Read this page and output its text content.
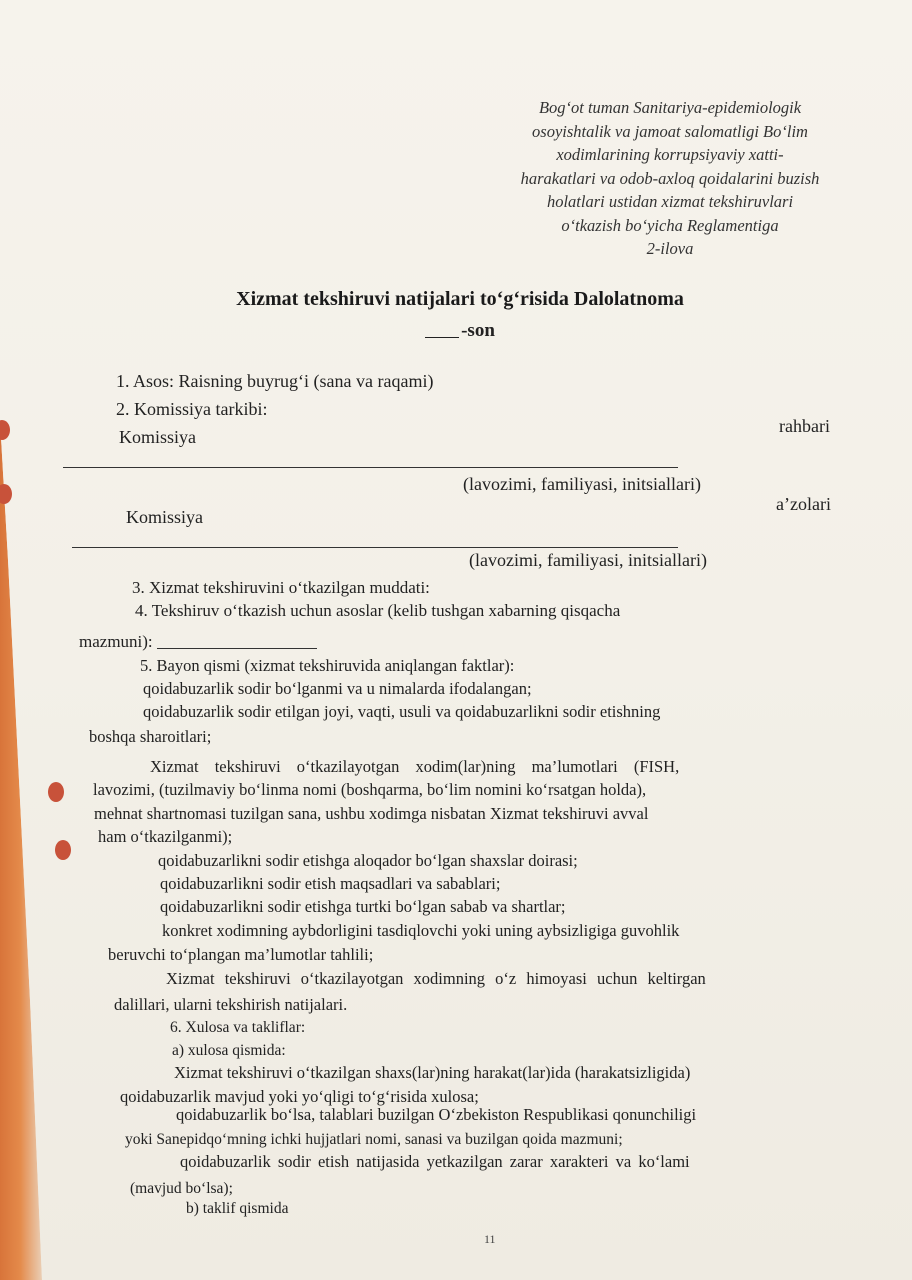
Bog‘ot tuman Sanitariya-epidemiologik
osoyishtalik va jamoat salomatligi Bo‘lim
xodimlarining korrupsiyaviy xatti-
harakatlari va odob-axloq qoidalarini buzish
holatlari ustidan xizmat tekshiruvlari
o‘tkazish bo‘yicha Reglamentiga
2-ilova
Xizmat tekshiruvi natijalari to‘g‘risida Dalolatnoma
-son
1. Asos: Raisning buyrug‘i (sana va raqami)
2. Komissiya tarkibi:
Komissiya
rahbari
(lavozimi, familiyasi, initsiallari)
Komissiya
a’zolari
(lavozimi, familiyasi, initsiallari)
3. Xizmat tekshiruvini o‘tkazilgan muddati:
4. Tekshiruv o‘tkazish uchun asoslar (kelib tushgan xabarning qisqacha
mazmuni):
5. Bayon qismi (xizmat tekshiruvida aniqlangan faktlar):
qoidabuzarlik sodir bo‘lganmi va u nimalarda ifodalangan;
qoidabuzarlik sodir etilgan joyi, vaqti, usuli va qoidabuzarlikni sodir etishning
boshqa sharoitlari;
Xizmat tekshiruvi o‘tkazilayotgan xodim(lar)ning ma’lumotlari (FISH,
lavozimi, (tuzilmaviy bo‘linma nomi (boshqarma, bo‘lim nomini ko‘rsatgan holda),
mehnat shartnomasi tuzilgan sana, ushbu xodimga nisbatan Xizmat tekshiruvi avval
ham o‘tkazilganmi);
qoidabuzarlikni sodir etishga aloqador bo‘lgan shaxslar doirasi;
qoidabuzarlikni sodir etish maqsadlari va sabablari;
qoidabuzarlikni sodir etishga turtki bo‘lgan sabab va shartlar;
konkret xodimning aybdorligini tasdiqlovchi yoki uning aybsizligiga guvohlik
beruvchi to‘plangan ma’lumotlar tahlili;
Xizmat tekshiruvi o‘tkazilayotgan xodimning o‘z himoyasi uchun keltirgan
dalillari, ularni tekshirish natijalari.
6. Xulosa va takliflar:
a) xulosa qismida:
Xizmat tekshiruvi o‘tkazilgan shaxs(lar)ning harakat(lar)ida (harakatsizligida)
qoidabuzarlik mavjud yoki yo‘qligi to‘g‘risida xulosa;
qoidabuzarlik bo‘lsa, talablari buzilgan O‘zbekiston Respublikasi qonunchiligi
yoki Sanepidqo‘mning ichki hujjatlari nomi, sanasi va buzilgan qoida mazmuni;
qoidabuzarlik sodir etish natijasida yetkazilgan zarar xarakteri va ko‘lami
(mavjud bo‘lsa);
b) taklif qismida
11
